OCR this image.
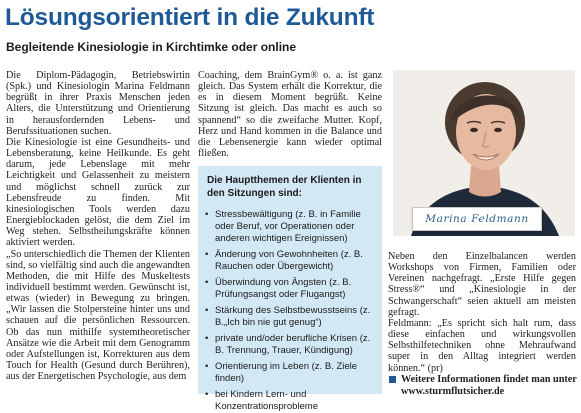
Lösungsorientiert in die Zukunft
Begleitende Kinesiologie in Kirchtimke oder online

Die Diplom-Pädagogin, Betriebswirtin (Spk.) und Kinesiologin Marina Feldmann begrüßt in ihrer Praxis Menschen jeden Alters, die Unterstützung und Orientierung in herausfordernden Lebens- und Berufssituationen suchen.

Die Kinesiologie ist eine Gesundheits- und Lebensberatung, keine Heilkunde. Es geht darum, jede Lebenslage mit mehr Leichtigkeit und Gelassenheit zu meistern und möglichst schnell zurück zur Lebensfreude zu finden. Mit kinesiologischen Tools werden dazu Energieblockaden gelöst, die dem Ziel im Weg stehen. Selbstheilungskräfte können aktiviert werden.

„So unterschiedlich die Themen der Klienten sind, so vielfältig sind auch die angewandten Methoden, die mit Hilfe des Muskeltests individuell bestimmt werden. Gewünscht ist, etwas (wieder) in Bewegung zu bringen. „Wir lassen die Stolpersteine hinter uns und schauen auf die persönlichen Ressourcen. Ob das nun mithilfe systemtheoretischer Ansätze wie die Arbeit mit dem Genogramm oder Aufstellungen ist, Korrekturen aus dem Touch for Health (Gesund durch Berühren), aus der Energetischen Psychologie, aus dem

Coaching, dem BrainGym® o. a. ist ganz gleich. Das System erhält die Korrektur, die es in diesem Moment begrüßt. Keine Sitzung ist gleich. Das macht es auch so spannend“ so die zweifache Mutter. Kopf, Herz und Hand kommen in die Balance und die Lebensenergie kann wieder optimal fließen.

Die Hauptthemen der Klienten in den Sitzungen sind:
• Stressbewältigung (z. B. in Familie oder Beruf, vor Operationen oder anderen wichtigen Ereignissen)
• Änderung von Gewohnheiten (z. B. Rauchen oder Übergewicht)
• Überwindung von Ängsten (z. B. Prüfungsangst oder Flugangst)
• Stärkung des Selbstbewusstseins (z. B.„Ich bin nie gut genug“)
• private und/oder berufliche Krisen (z. B. Trennung, Trauer, Kündigung)
• Orientierung im Leben (z. B. Ziele finden)
• bei Kindern Lern- und Konzentrationsprobleme
Marina Feldmann

Neben den Einzelbalancen werden Workshops von Firmen, Familien oder Vereinen nachgefragt. „Erste Hilfe gegen Stress®“ und „Kinesiologie in der Schwangerschaft“ seien aktuell am meisten gefragt.

Feldmann: „Es spricht sich halt rum, dass diese einfachen und wirkungsvollen Selbsthilfetechniken ohne Mehraufwand super in den Alltag integriert werden können.“ (pr)

Weitere Informationen findet man unter www.sturmflutsicher.de
